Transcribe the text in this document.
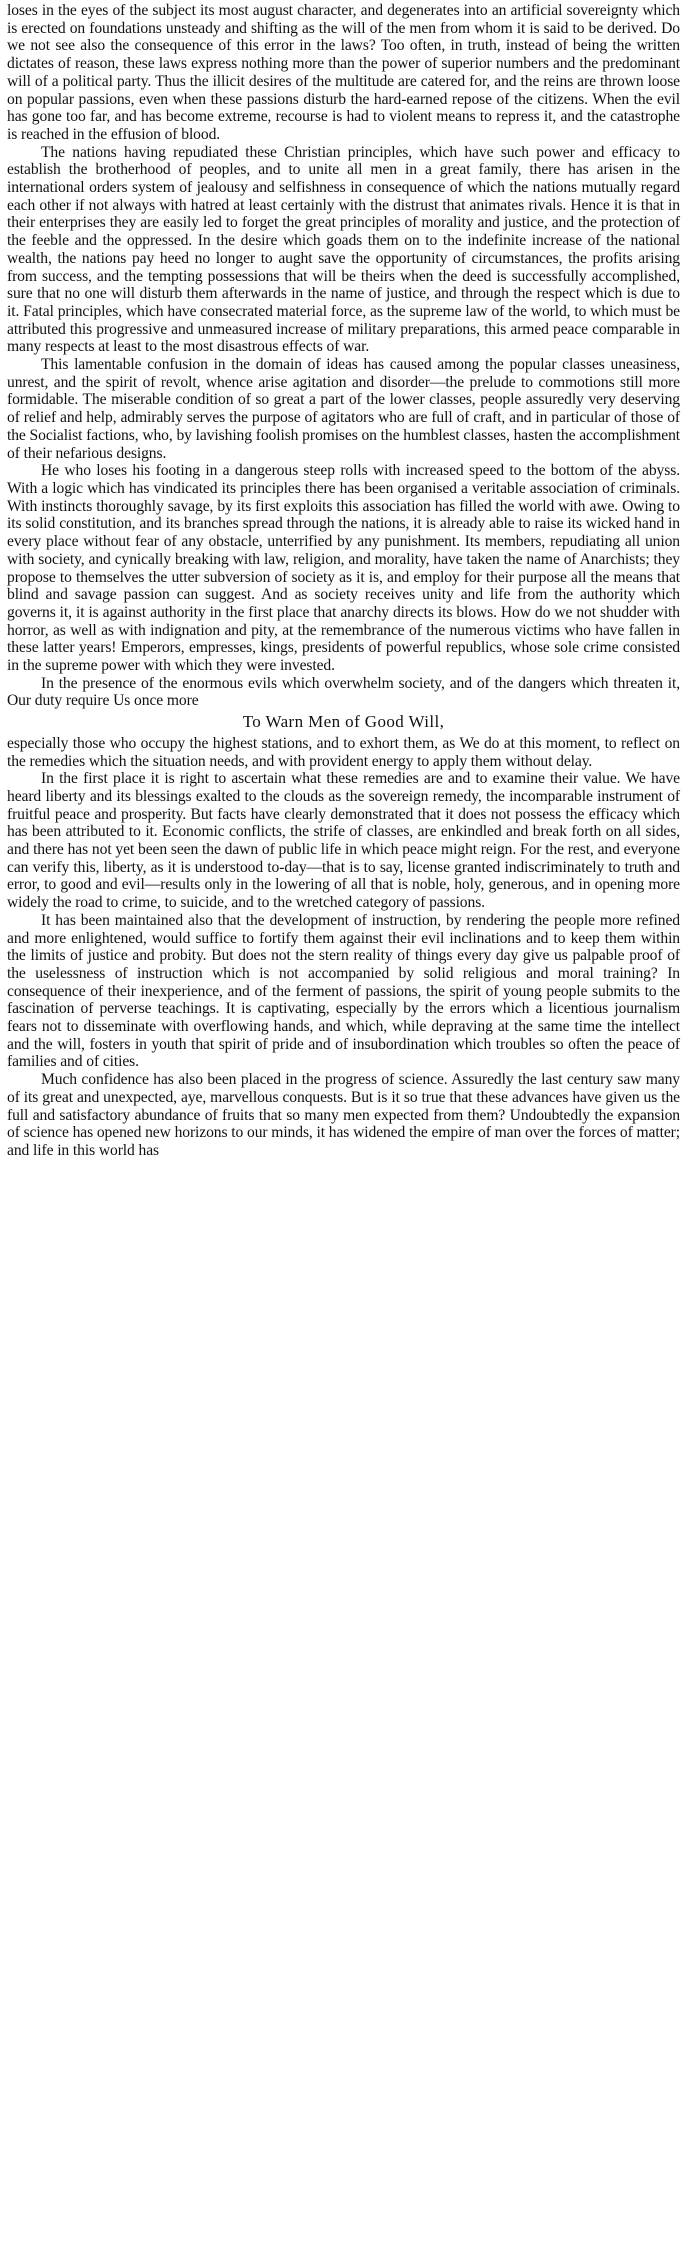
loses in the eyes of the subject its most august character, and degenerates into an artificial sovereignty which is erected on foundations unsteady and shifting as the will of the men from whom it is said to be derived. Do we not see also the consequence of this error in the laws? Too often, in truth, instead of being the written dictates of reason, these laws express nothing more than the power of superior numbers and the predominant will of a political party. Thus the illicit desires of the multitude are catered for, and the reins are thrown loose on popular passions, even when these passions disturb the hard-earned repose of the citizens. When the evil has gone too far, and has become extreme, recourse is had to violent means to repress it, and the catastrophe is reached in the effusion of blood.

The nations having repudiated these Christian principles, which have such power and efficacy to establish the brotherhood of peoples, and to unite all men in a great family, there has arisen in the international orders system of jealousy and selfishness in consequence of which the nations mutually regard each other if not always with hatred at least certainly with the distrust that animates rivals. Hence it is that in their enterprises they are easily led to forget the great principles of morality and justice, and the protection of the feeble and the oppressed. In the desire which goads them on to the indefinite increase of the national wealth, the nations pay heed no longer to aught save the opportunity of circumstances, the profits arising from success, and the tempting possessions that will be theirs when the deed is successfully accomplished, sure that no one will disturb them afterwards in the name of justice, and through the respect which is due to it. Fatal principles, which have consecrated material force, as the supreme law of the world, to which must be attributed this progressive and unmeasured increase of military preparations, this armed peace comparable in many respects at least to the most disastrous effects of war.

This lamentable confusion in the domain of ideas has caused among the popular classes uneasiness, unrest, and the spirit of revolt, whence arise agitation and disorder—the prelude to commotions still more formidable. The miserable condition of so great a part of the lower classes, people assuredly very deserving of relief and help, admirably serves the purpose of agitators who are full of craft, and in particular of those of the Socialist factions, who, by lavishing foolish promises on the humblest classes, hasten the accomplishment of their nefarious designs.

He who loses his footing in a dangerous steep rolls with increased speed to the bottom of the abyss. With a logic which has vindicated its principles there has been organised a veritable association of criminals. With instincts thoroughly savage, by its first exploits this association has filled the world with awe. Owing to its solid constitution, and its branches spread through the nations, it is already able to raise its wicked hand in every place without fear of any obstacle, unterrified by any punishment. Its members, repudiating all union with society, and cynically breaking with law, religion, and morality, have taken the name of Anarchists; they propose to themselves the utter subversion of society as it is, and employ for their purpose all the means that blind and savage passion can suggest. And as society receives unity and life from the authority which governs it, it is against authority in the first place that anarchy directs its blows. How do we not shudder with horror, as well as with indignation and pity, at the remembrance of the numerous victims who have fallen in these latter years! Emperors, empresses, kings, presidents of powerful republics, whose sole crime consisted in the supreme power with which they were invested.

In the presence of the enormous evils which overwhelm society, and of the dangers which threaten it, Our duty require Us once more

To Warn Men of Good Will,

especially those who occupy the highest stations, and to exhort them, as We do at this moment, to reflect on the remedies which the situation needs, and with provident energy to apply them without delay.

In the first place it is right to ascertain what these remedies are and to examine their value. We have heard liberty and its blessings exalted to the clouds as the sovereign remedy, the incomparable instrument of fruitful peace and prosperity. But facts have clearly demonstrated that it does not possess the efficacy which has been attributed to it. Economic conflicts, the strife of classes, are enkindled and break forth on all sides, and there has not yet been seen the dawn of public life in which peace might reign. For the rest, and everyone can verify this, liberty, as it is understood to-day—that is to say, license granted indiscriminately to truth and error, to good and evil—results only in the lowering of all that is noble, holy, generous, and in opening more widely the road to crime, to suicide, and to the wretched category of passions.

It has been maintained also that the development of instruction, by rendering the people more refined and more enlightened, would suffice to fortify them against their evil inclinations and to keep them within the limits of justice and probity. But does not the stern reality of things every day give us palpable proof of the uselessness of instruction which is not accompanied by solid religious and moral training? In consequence of their inexperience, and of the ferment of passions, the spirit of young people submits to the fascination of perverse teachings. It is captivating, especially by the errors which a licentious journalism fears not to disseminate with overflowing hands, and which, while depraving at the same time the intellect and the will, fosters in youth that spirit of pride and of insubordination which troubles so often the peace of families and of cities.

Much confidence has also been placed in the progress of science. Assuredly the last century saw many of its great and unexpected, aye, marvellous conquests. But is it so true that these advances have given us the full and satisfactory abundance of fruits that so many men expected from them? Undoubtedly the expansion of science has opened new horizons to our minds, it has widened the empire of man over the forces of matter; and life in this world has
